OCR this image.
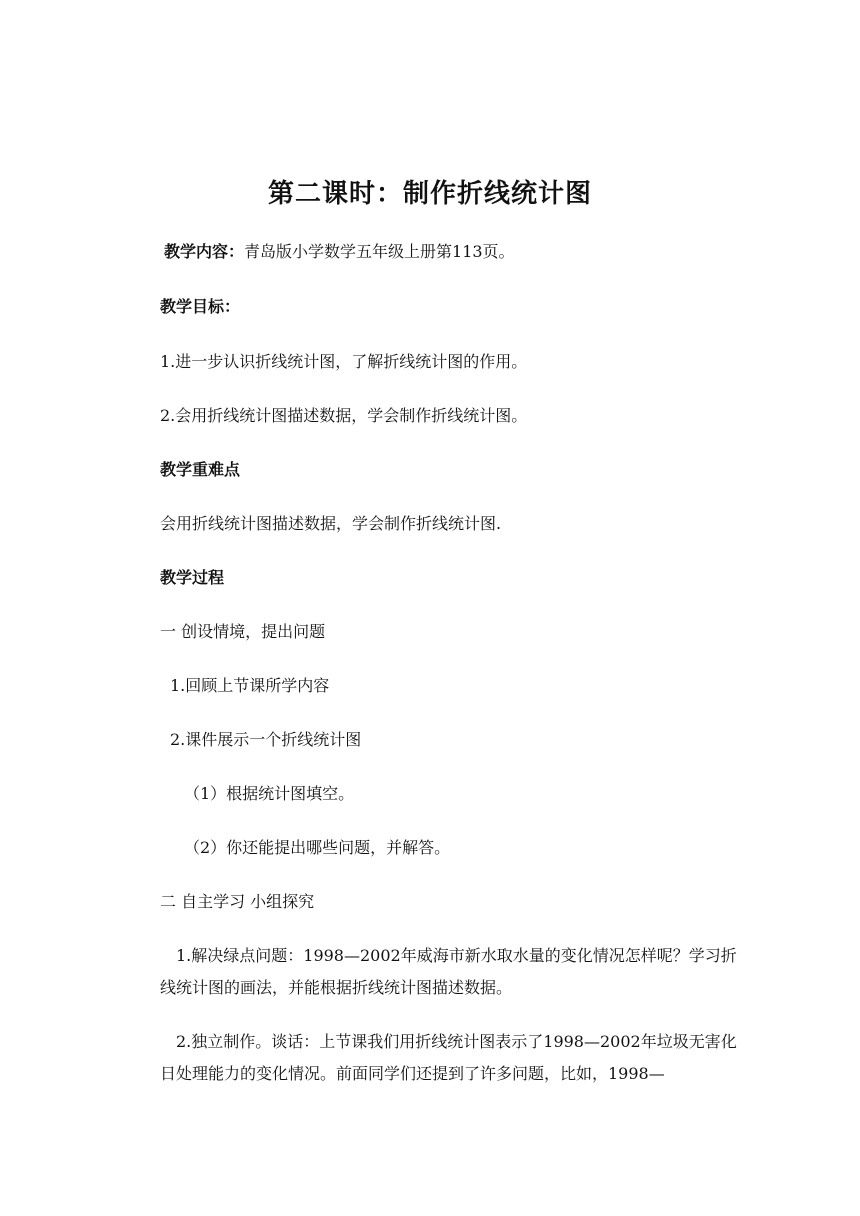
第二课时：制作折线统计图
教学内容：青岛版小学数学五年级上册第113页。
教学目标：
1.进一步认识折线统计图，了解折线统计图的作用。
2.会用折线统计图描述数据，学会制作折线统计图。
教学重难点
会用折线统计图描述数据，学会制作折线统计图.
教学过程
一 创设情境，提出问题
1.回顾上节课所学内容
2.课件展示一个折线统计图
（1）根据统计图填空。
（2）你还能提出哪些问题，并解答。
二 自主学习 小组探究
1.解决绿点问题：1998—2002年威海市新水取水量的变化情况怎样呢？学习折线统计图的画法，并能根据折线统计图描述数据。
2.独立制作。谈话：上节课我们用折线统计图表示了1998—2002年垃圾无害化日处理能力的变化情况。前面同学们还提到了许多问题，比如，1998—
